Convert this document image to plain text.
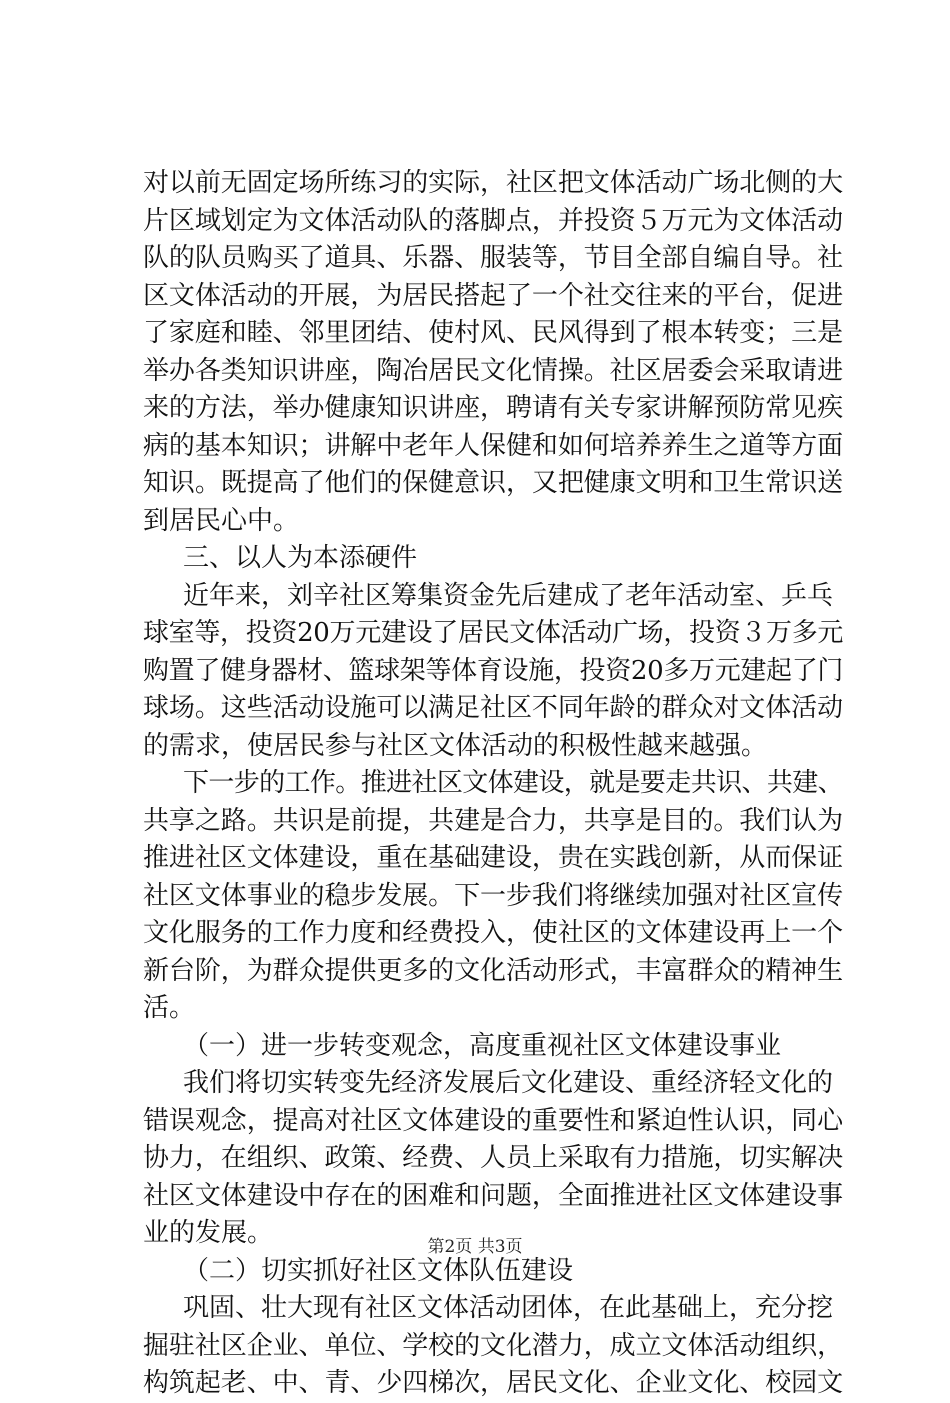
对以前无固定场所练习的实际，社区把文体活动广场北侧的大
片区域划定为文体活动队的落脚点，并投资５万元为文体活动
队的队员购买了道具、乐器、服装等，节目全部自编自导。社
区文体活动的开展，为居民搭起了一个社交往来的平台，促进
了家庭和睦、邻里团结、使村风、民风得到了根本转变；三是
举办各类知识讲座，陶冶居民文化情操。社区居委会采取请进
来的方法，举办健康知识讲座，聘请有关专家讲解预防常见疾
病的基本知识；讲解中老年人保健和如何培养养生之道等方面
知识。既提高了他们的保健意识，又把健康文明和卫生常识送
到居民心中。
三、以人为本添硬件
近年来，刘辛社区筹集资金先后建成了老年活动室、乒乓
球室等，投资20万元建设了居民文体活动广场，投资３万多元
购置了健身器材、篮球架等体育设施，投资20多万元建起了门
球场。这些活动设施可以满足社区不同年龄的群众对文体活动
的需求，使居民参与社区文体活动的积极性越来越强。
下一步的工作。推进社区文体建设，就是要走共识、共建、
共享之路。共识是前提，共建是合力，共享是目的。我们认为
推进社区文体建设，重在基础建设，贵在实践创新，从而保证
社区文体事业的稳步发展。下一步我们将继续加强对社区宣传
文化服务的工作力度和经费投入，使社区的文体建设再上一个
新台阶，为群众提供更多的文化活动形式，丰富群众的精神生
活。
（一）进一步转变观念，高度重视社区文体建设事业
我们将切实转变先经济发展后文化建设、重经济轻文化的
错误观念，提高对社区文体建设的重要性和紧迫性认识，同心
协力，在组织、政策、经费、人员上采取有力措施，切实解决
社区文体建设中存在的困难和问题，全面推进社区文体建设事
业的发展。
（二）切实抓好社区文体队伍建设
巩固、壮大现有社区文体活动团体，在此基础上，充分挖
掘驻社区企业、单位、学校的文化潜力，成立文体活动组织，
构筑起老、中、青、少四梯次，居民文化、企业文化、校园文
第2页 共3页
